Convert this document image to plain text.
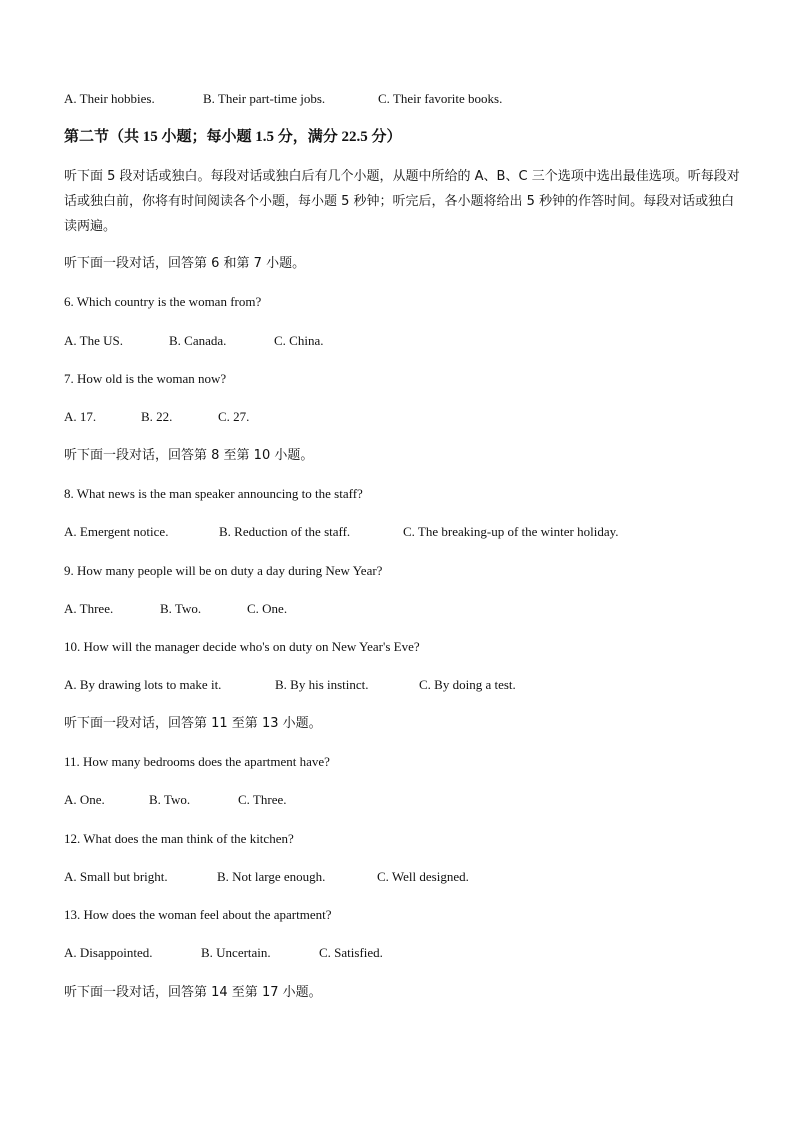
A. Their hobbies.	B. Their part-time jobs.	C. Their favorite books.
第二节（共 15 小题；每小题 1.5 分，满分 22.5 分）
听下面 5 段对话或独白。每段对话或独白后有几个小题，从题中所给的 A、B、C 三个选项中选出最佳选项。听每段对话或独白前，你将有时间阅读各个小题，每小题 5 秒钟；听完后，各小题将给出 5 秒钟的作答时间。每段对话或独白读两遍。
听下面一段对话，回答第 6 和第 7 小题。
6. Which country is the woman from?
A. The US.	B. Canada.	C. China.
7. How old is the woman now?
A. 17.	B. 22.	C. 27.
听下面一段对话，回答第 8 至第 10 小题。
8. What news is the man speaker announcing to the staff?
A. Emergent notice.	B. Reduction of the staff.	C. The breaking-up of the winter holiday.
9. How many people will be on duty a day during New Year?
A. Three.	B. Two.	C. One.
10. How will the manager decide who's on duty on New Year's Eve?
A. By drawing lots to make it.	B. By his instinct.	C. By doing a test.
听下面一段对话，回答第 11 至第 13 小题。
11. How many bedrooms does the apartment have?
A. One.	B. Two.	C. Three.
12. What does the man think of the kitchen?
A. Small but bright.	B. Not large enough.	C. Well designed.
13. How does the woman feel about the apartment?
A. Disappointed.	B. Uncertain.	C. Satisfied.
听下面一段对话，回答第 14 至第 17 小题。
